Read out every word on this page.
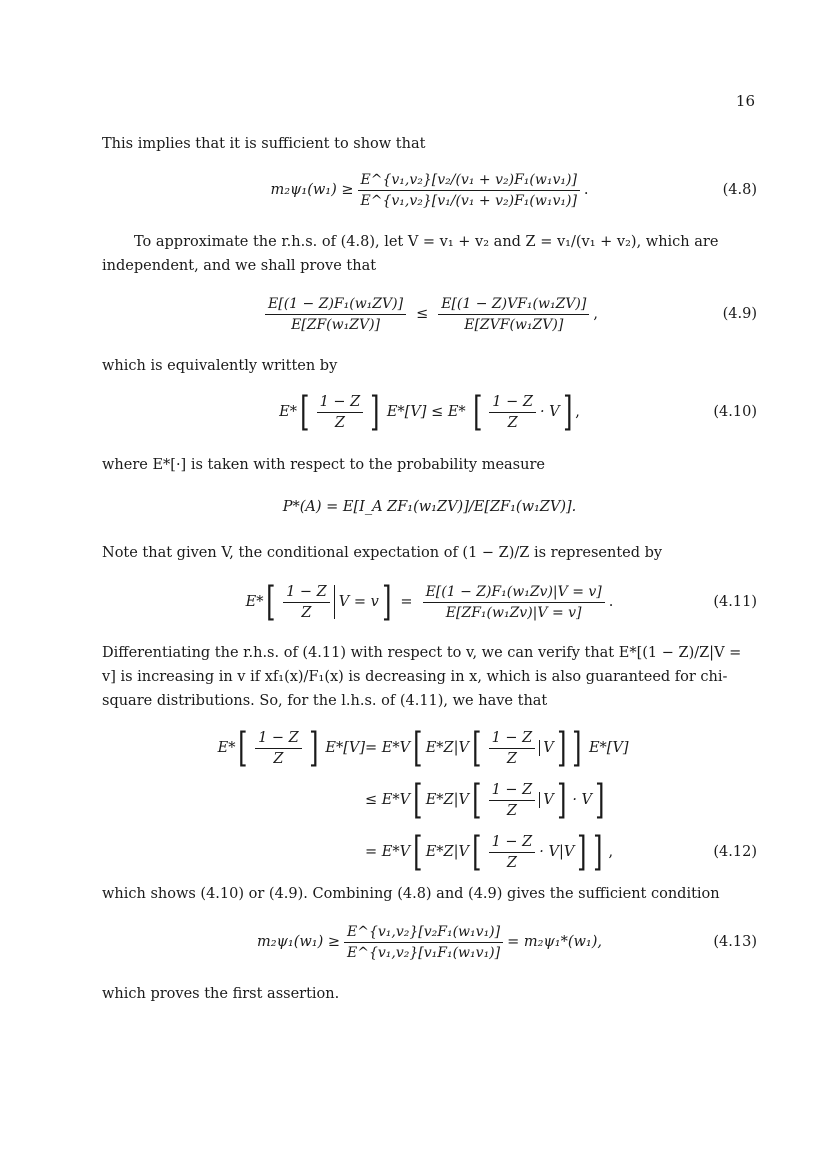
16
This implies that it is sufficient to show that
$m_2\psi_1(w_1) \ge \frac{\text{E\textasciicircum{}\{v₁,v₂\}[v₂/(v₁ + v₂)F₁(w₁v₁)]}}{\text{E\textasciicircum{}\{v₁,v₂\}[v₁/(v₁ + v₂)F₁(w₁v₁)]}}$ .	(4.8)
To approximate the r.h.s. of (4.8), let V = v₁ + v₂ and Z = v₁/(v₁ + v₂), which are independent, and we shall prove that
$\frac{\text{E[(1 − Z)F₁(w₁ZV)]}}{\text{E[ZF(w₁ZV)]}} \le \frac{\text{E[(1 − Z)VF₁(w₁ZV)]}}{\text{E[ZVF(w₁ZV)]}}$ ,	(4.9)
which is equivalently written by
E* [ $\frac{1 - Z}{Z}$ ] E*[V] ≤ E* [ $\frac{1 - Z}{Z} \cdot V$ ] ,	(4.10)
where E*[·] is taken with respect to the probability measure
P*(A) = E[I_A ZF₁(w₁ZV)]/E[ZF₁(w₁ZV)].
Note that given V, the conditional expectation of (1 − Z)/Z is represented by
E* [ $\frac{1 - Z}{Z}$ V = v ] = $\frac{\text{E[(1 − Z)F₁(w₁Zv)|V = v]}}{\text{E[ZF₁(w₁Zv)|V = v]}}$ .	(4.11)
Differentiating the r.h.s. of (4.11) with respect to v, we can verify that E*[(1 − Z)/Z|V = v] is increasing in v if xf₁(x)/F₁(x) is decreasing in x, which is also guaranteed for chi-square distributions. So, for the l.h.s. of (4.11), we have that
E* [ $\frac{1 - Z}{Z}$ ] E*[V] = E*V [ E*Z|V [ $\frac{1 - Z}{Z}$ V ] ] E*[V]
≤ E*V [ E*Z|V [ $\frac{1 - Z}{Z}$ V ] · V ]
= E*V [ E*Z|V [ $\frac{1 - Z}{Z} \cdot V|V$ ] ] ,	(4.12)
which shows (4.10) or (4.9). Combining (4.8) and (4.9) gives the sufficient condition
$m_2\psi_1(w_1) \ge \frac{\text{E\textasciicircum{}\{v₁,v₂\}[v₂F₁(w₁v₁)]}}{\text{E\textasciicircum{}\{v₁,v₂\}[v₁F₁(w₁v₁)]}} = m_2\psi_1*(w_1)$,	(4.13)
which proves the first assertion.
